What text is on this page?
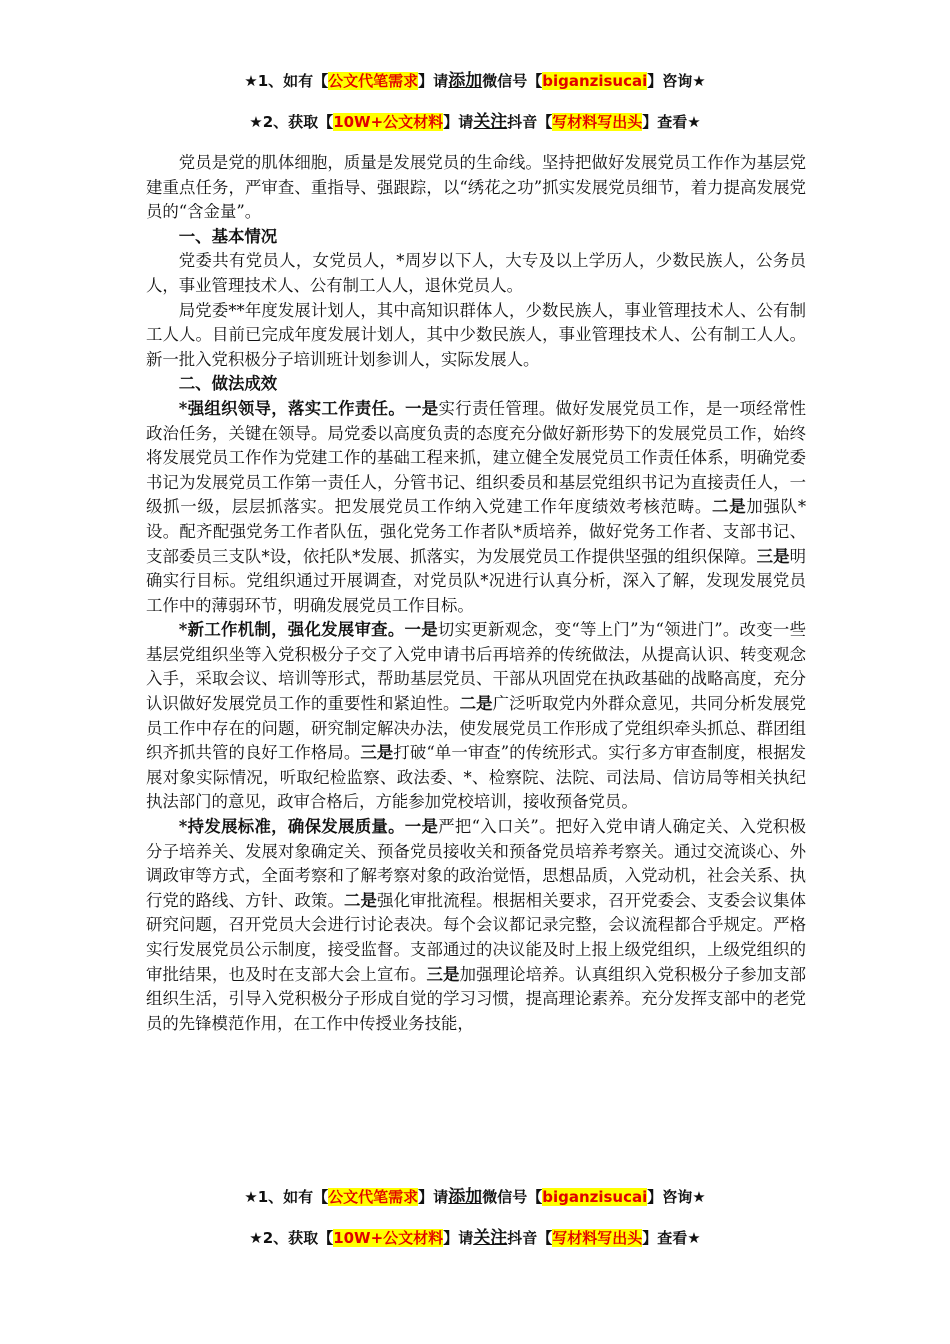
★1、如有【公文代笔需求】请添加微信号【biganzisucai】咨询★
★2、获取【10W+公文材料】请关注抖音【写材料写出头】查看★

党员是党的肌体细胞，质量是发展党员的生命线。坚持把做好发展党员工作作为基层党建重点任务，严审查、重指导、强跟踪，以“绣花之功”抓实发展党员细节，着力提高发展党员的“含金量”。

一、基本情况

党委共有党员人，女党员人，*周岁以下人，大专及以上学历人，少数民族人，公务员人，事业管理技术人、公有制工人人，退休党员人。

局党委**年度发展计划人，其中高知识群体人，少数民族人，事业管理技术人、公有制工人人。目前已完成年度发展计划人，其中少数民族人，事业管理技术人、公有制工人人。新一批入党积极分子培训班计划参训人，实际发展人。

二、做法成效

*强组织领导，落实工作责任。一是实行责任管理。做好发展党员工作，是一项经常性政治任务，关键在领导。局党委以高度负责的态度充分做好新形势下的发展党员工作，始终将发展党员工作作为党建工作的基础工程来抓，建立健全发展党员工作责任体系，明确党委书记为发展党员工作第一责任人，分管书记、组织委员和基层党组织书记为直接责任人，一级抓一级，层层抓落实。把发展党员工作纳入党建工作年度绩效考核范畴。二是加强队*设。配齐配强党务工作者队伍，强化党务工作者队*质培养，做好党务工作者、支部书记、支部委员三支队*设，依托队*发展、抓落实，为发展党员工作提供坚强的组织保障。三是明确实行目标。党组织通过开展调查，对党员队*况进行认真分析，深入了解，发现发展党员工作中的薄弱环节，明确发展党员工作目标。

*新工作机制，强化发展审查。一是切实更新观念，变“等上门”为“领进门”。改变一些基层党组织坐等入党积极分子交了入党申请书后再培养的传统做法，从提高认识、转变观念入手，采取会议、培训等形式，帮助基层党员、干部从巩固党在执政基础的战略高度，充分认识做好发展党员工作的重要性和紧迫性。二是广泛听取党内外群众意见，共同分析发展党员工作中存在的问题，研究制定解决办法，使发展党员工作形成了党组织牵头抓总、群团组织齐抓共管的良好工作格局。三是打破“单一审查”的传统形式。实行多方审查制度，根据发展对象实际情况，听取纪检监察、政法委、*、检察院、法院、司法局、信访局等相关执纪执法部门的意见，政审合格后，方能参加党校培训，接收预备党员。

*持发展标准，确保发展质量。一是严把“入口关”。把好入党申请人确定关、入党积极分子培养关、发展对象确定关、预备党员接收关和预备党员培养考察关。通过交流谈心、外调政审等方式，全面考察和了解考察对象的政治觉悟，思想品质，入党动机，社会关系、执行党的路线、方针、政策。二是强化审批流程。根据相关要求，召开党委会、支委会议集体研究问题，召开党员大会进行讨论表决。每个会议都记录完整，会议流程都合乎规定。严格实行发展党员公示制度，接受监督。支部通过的决议能及时上报上级党组织，上级党组织的审批结果，也及时在支部大会上宣布。三是加强理论培养。认真组织入党积极分子参加支部组织生活，引导入党积极分子形成自觉的学习习惯，提高理论素养。充分发挥支部中的老党员的先锋模范作用，在工作中传授业务技能，

★1、如有【公文代笔需求】请添加微信号【biganzisucai】咨询★
★2、获取【10W+公文材料】请关注抖音【写材料写出头】查看★
